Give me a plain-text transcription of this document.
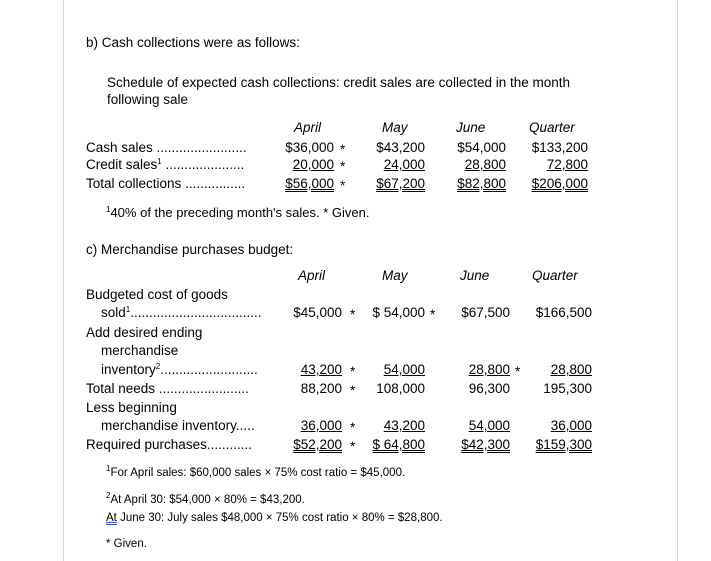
b) Cash collections were as follows:
Schedule of expected cash collections: credit sales are collected in the month
following sale
April	May	June	Quarter
Cash sales ........................	$36,000 *	$43,200	$54,000	$133,200
Credit sales$^1$ .....................	20,000 *	24,000	28,800	72,800
Total collections ................	$56,000 *	$67,200	$82,800	$206,000
$^1$40% of the preceding month's sales. * Given.
c) Merchandise purchases budget:
April	May	June	Quarter
Budgeted cost of goods
sold$^1$...................................	$45,000 *	$ 54,000 *	$67,500	$166,500
Add desired ending
merchandise
inventory$^2$..........................	43,200 *	54,000	28,800 *	28,800
Total needs ........................	88,200 *	108,000	96,300	195,300
Less beginning
merchandise inventory.....	36,000 *	43,200	54,000	36,000
Required purchases............	$52,200 *	$ 64,800	$42,300	$159,300
$^1$For April sales: $60,000 sales × 75% cost ratio = $45,000.
$^2$At April 30: $54,000 × 80% = $43,200.
At June 30: July sales $48,000 × 75% cost ratio × 80% = $28,800.
* Given.
